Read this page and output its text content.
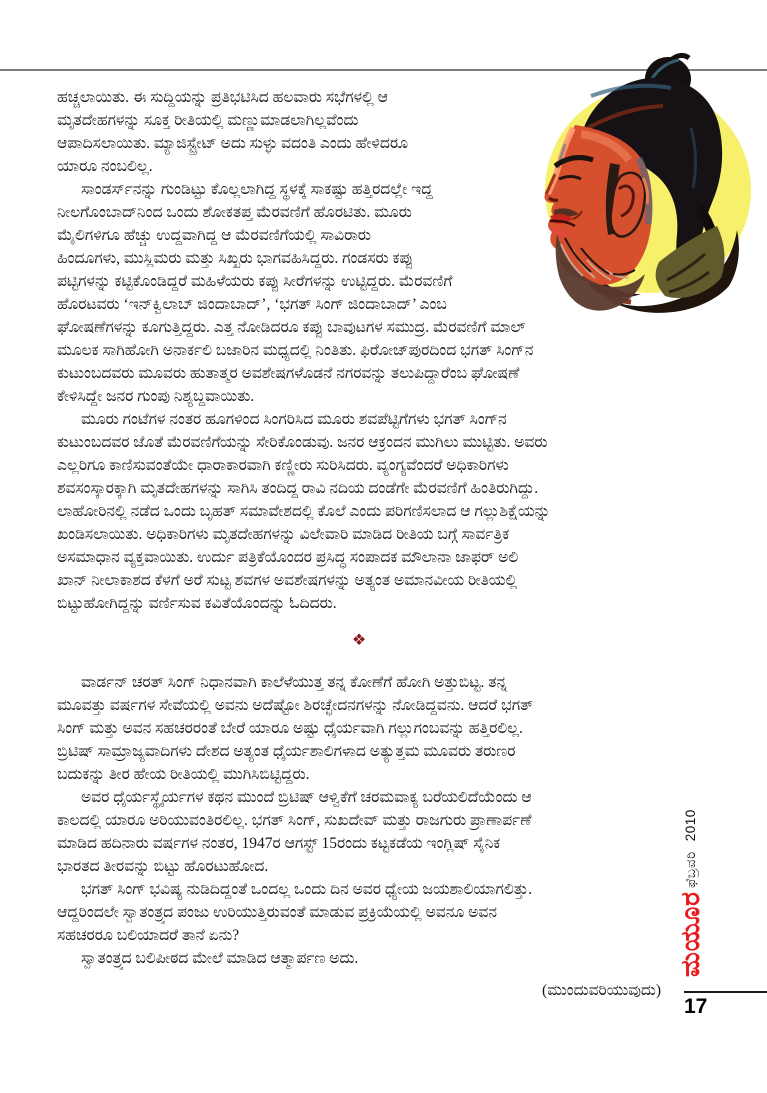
ಹಚ್ಚಲಾಯಿತು. ಈ ಸುದ್ದಿಯನ್ನು ಪ್ರತಿಭಟಿಸಿದ ಹಲವಾರು ಸಭೆಗಳಲ್ಲಿ ಆ
ಮೃತದೇಹಗಳನ್ನು ಸೂಕ್ತ ರೀತಿಯಲ್ಲಿ ಮಣ್ಣುಮಾಡಲಾಗಿಲ್ಲವೆಂದು
ಆಪಾದಿಸಲಾಯಿತು. ಮ್ಯಾಜಿಸ್ಟ್ರೇಟ್ ಅದು ಸುಳ್ಳು ವದಂತಿ ಎಂದು ಹೇಳಿದರೂ
ಯಾರೂ ನಂಬಲಿಲ್ಲ.
ಸಾಂಡರ್ಸ್‌ನನ್ನು ಗುಂಡಿಟ್ಟು ಕೊಲ್ಲಲಾಗಿದ್ದ ಸ್ಥಳಕ್ಕೆ ಸಾಕಷ್ಟು ಹತ್ತಿರದಲ್ಲೇ ಇದ್ದ
ನೀಲಗೊಂಬಾದ್‌ನಿಂದ ಒಂದು ಶೋಕತಪ್ತ ಮೆರವಣಿಗೆ ಹೊರಟಿತು. ಮೂರು
ಮೈಲಿಗಳಿಗೂ ಹೆಚ್ಚು ಉದ್ದವಾಗಿದ್ದ ಆ ಮೆರವಣಿಗೆಯಲ್ಲಿ ಸಾವಿರಾರು
ಹಿಂದೂಗಳು, ಮುಸ್ಲಿಮರು ಮತ್ತು ಸಿಖ್ಖರು ಭಾಗವಹಿಸಿದ್ದರು. ಗಂಡಸರು ಕಪ್ಪು
ಪಟ್ಟಿಗಳನ್ನು ಕಟ್ಟಿಕೊಂಡಿದ್ದರೆ ಮಹಿಳೆಯರು ಕಪ್ಪು ಸೀರೆಗಳನ್ನು ಉಟ್ಟಿದ್ದರು. ಮೆರವಣಿಗೆ
ಹೊರಟವರು ‘ಇನ್‌ಕ್ವಿಲಾಬ್ ಜಿಂದಾಬಾದ್’, ‘ಭಗತ್ ಸಿಂಗ್ ಜಿಂದಾಬಾದ್’ ಎಂಬ
ಘೋಷಣೆಗಳನ್ನು ಕೂಗುತ್ತಿದ್ದರು. ಎತ್ತ ನೋಡಿದರೂ ಕಪ್ಪು ಬಾವುಟಗಳ ಸಮುದ್ರ. ಮೆರವಣಿಗೆ ಮಾಲ್
ಮೂಲಕ ಸಾಗಿಹೋಗಿ ಅನಾರ್ಕಲಿ ಬಜಾರಿನ ಮಧ್ಯದಲ್ಲಿ ನಿಂತಿತು. ಫಿರೋಜ್‌ಪುರದಿಂದ ಭಗತ್ ಸಿಂಗ್‌ನ
ಕುಟುಂಬದವರು ಮೂವರು ಹುತಾತ್ಮರ ಅವಶೇಷಗಳೊಡನೆ ನಗರವನ್ನು ತಲುಪಿದ್ದಾರೆಂಬ ಘೋಷಣೆ
ಕೇಳಿಸಿದ್ದೇ ಜನರ ಗುಂಪು ನಿಶ್ಯಬ್ದವಾಯಿತು.
ಮೂರು ಗಂಟೆಗಳ ನಂತರ ಹೂಗಳಿಂದ ಸಿಂಗರಿಸಿದ ಮೂರು ಶವಪೆಟ್ಟಿಗೆಗಳು ಭಗತ್ ಸಿಂಗ್‌ನ
ಕುಟುಂಬದವರ ಜೊತೆ ಮೆರವಣಿಗೆಯನ್ನು ಸೇರಿಕೊಂಡುವು. ಜನರ ಆಕ್ರಂದನ ಮುಗಿಲು ಮುಟ್ಟಿತು. ಅವರು
ಎಲ್ಲರಿಗೂ ಕಾಣಿಸುವಂತೆಯೇ ಧಾರಾಕಾರವಾಗಿ ಕಣ್ಣೀರು ಸುರಿಸಿದರು. ವ್ಯಂಗ್ಯವೆಂದರೆ ಅಧಿಕಾರಿಗಳು
ಶವಸಂಸ್ಕಾರಕ್ಕಾಗಿ ಮೃತದೇಹಗಳನ್ನು ಸಾಗಿಸಿ ತಂದಿದ್ದ ರಾವಿ ನದಿಯ ದಂಡೆಗೇ ಮೆರವಣಿಗೆ ಹಿಂತಿರುಗಿದ್ದು.
ಲಾಹೋರಿನಲ್ಲಿ ನಡೆದ ಒಂದು ಬೃಹತ್ ಸಮಾವೇಶದಲ್ಲಿ ಕೊಲೆ ಎಂದು ಪರಿಗಣಿಸಲಾದ ಆ ಗಲ್ಲುಶಿಕ್ಷೆಯನ್ನು
ಖಂಡಿಸಲಾಯಿತು. ಅಧಿಕಾರಿಗಳು ಮೃತದೇಹಗಳನ್ನು ವಿಲೇವಾರಿ ಮಾಡಿದ ರೀತಿಯ ಬಗ್ಗೆ ಸಾರ್ವತ್ರಿಕ
ಅಸಮಾಧಾನ ವ್ಯಕ್ತವಾಯಿತು. ಉರ್ದು ಪತ್ರಿಕೆಯೊಂದರ ಪ್ರಸಿದ್ಧ ಸಂಪಾದಕ ಮೌಲಾನಾ ಜಾಫರ್ ಅಲಿ
ಖಾನ್ ನೀಲಾಕಾಶದ ಕೆಳಗೆ ಅರೆ ಸುಟ್ಟ ಶವಗಳ ಅವಶೇಷಗಳನ್ನು ಅತ್ಯಂತ ಅಮಾನವೀಯ ರೀತಿಯಲ್ಲಿ
ಬಿಟ್ಟುಹೋಗಿದ್ದನ್ನು ವರ್ಣಿಸುವ ಕವಿತೆಯೊಂದನ್ನು ಓದಿದರು.
❖
ವಾರ್ಡನ್ ಚರತ್ ಸಿಂಗ್ ನಿಧಾನವಾಗಿ ಕಾಲೆಳೆಯುತ್ತ ತನ್ನ ಕೋಣೆಗೆ ಹೋಗಿ ಅತ್ತುಬಿಟ್ಟ. ತನ್ನ
ಮೂವತ್ತು ವರ್ಷಗಳ ಸೇವೆಯಲ್ಲಿ ಅವನು ಅದೆಷ್ಟೋ ಶಿರಚ್ಛೇದನಗಳನ್ನು ನೋಡಿದ್ದವನು. ಆದರೆ ಭಗತ್
ಸಿಂಗ್ ಮತ್ತು ಅವನ ಸಹಚರರಂತೆ ಬೇರೆ ಯಾರೂ ಅಷ್ಟು ಧೈರ್ಯವಾಗಿ ಗಲ್ಲುಗಂಬವನ್ನು ಹತ್ತಿರಲಿಲ್ಲ.
ಬ್ರಿಟಿಷ್ ಸಾಮ್ರಾಜ್ಯವಾದಿಗಳು ದೇಶದ ಅತ್ಯಂತ ಧೈರ್ಯಶಾಲಿಗಳಾದ ಅತ್ಯುತ್ತಮ ಮೂವರು ತರುಣರ
ಬದುಕನ್ನು ತೀರ ಹೇಯ ರೀತಿಯಲ್ಲಿ ಮುಗಿಸಿಬಿಟ್ಟಿದ್ದರು.
ಅವರ ಧೈರ್ಯಸ್ಥೈರ್ಯಗಳ ಕಥನ ಮುಂದೆ ಬ್ರಿಟಿಷ್ ಆಳ್ವಿಕೆಗೆ ಚರಮವಾಕ್ಯ ಬರೆಯಲಿದೆಯೆಂದು ಆ
ಕಾಲದಲ್ಲಿ ಯಾರೂ ಅರಿಯುವಂತಿರಲಿಲ್ಲ. ಭಗತ್ ಸಿಂಗ್, ಸುಖದೇವ್ ಮತ್ತು ರಾಜಗುರು ಪ್ರಾಣಾರ್ಪಣೆ
ಮಾಡಿದ ಹದಿನಾರು ವರ್ಷಗಳ ನಂತರ, 1947ರ ಆಗಸ್ಟ್ 15ರಂದು ಕಟ್ಟಕಡೆಯ ಇಂಗ್ಲಿಷ್ ಸೈನಿಕ
ಭಾರತದ ತೀರವನ್ನು ಬಿಟ್ಟು ಹೊರಟುಹೋದ.
ಭಗತ್ ಸಿಂಗ್ ಭವಿಷ್ಯ ನುಡಿದಿದ್ದಂತೆ ಒಂದಲ್ಲ ಒಂದು ದಿನ ಅವರ ಧ್ಯೇಯ ಜಯಶಾಲಿಯಾಗಲಿತ್ತು.
ಆದ್ದರಿಂದಲೇ ಸ್ವಾತಂತ್ರ್ಯದ ಪಂಜು ಉರಿಯುತ್ತಿರುವಂತೆ ಮಾಡುವ ಪ್ರಕ್ರಿಯೆಯಲ್ಲಿ ಅವನೂ ಅವನ
ಸಹಚರರೂ ಬಲಿಯಾದರೆ ತಾನೆ ಏನು?
ಸ್ವಾತಂತ್ರ್ಯದ ಬಲಿಪೀಠದ ಮೇಲೆ ಮಾಡಿದ ಆತ್ಮಾರ್ಪಣ ಅದು.
(ಮುಂದುವರಿಯುವುದು)
ಫೆಬ್ರವರಿ2010
ಮಯೂರ
17
